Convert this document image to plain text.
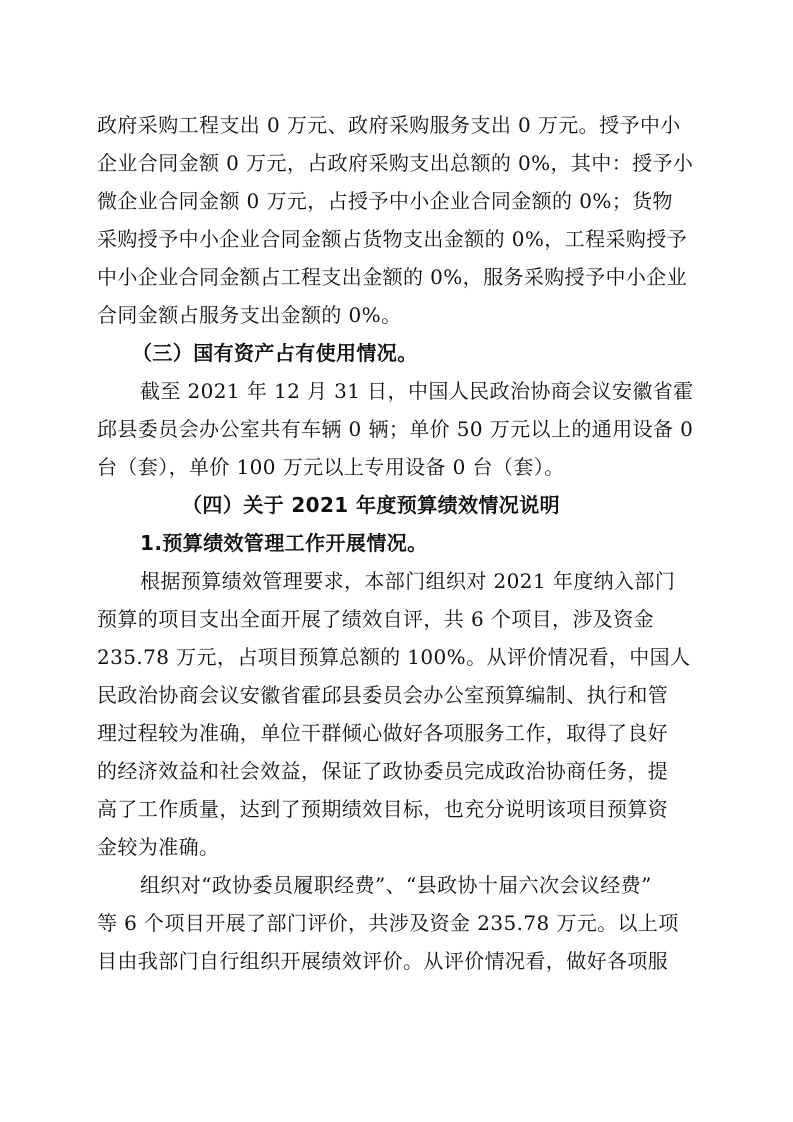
政府采购工程支出 0 万元、政府采购服务支出 0 万元。授予中小
企业合同金额 0 万元，占政府采购支出总额的 0%，其中：授予小
微企业合同金额 0 万元，占授予中小企业合同金额的 0%；货物
采购授予中小企业合同金额占货物支出金额的 0%，工程采购授予
中小企业合同金额占工程支出金额的 0%，服务采购授予中小企业
合同金额占服务支出金额的 0%。
（三）国有资产占有使用情况。
截至 2021 年 12 月 31 日，中国人民政治协商会议安徽省霍
邱县委员会办公室共有车辆 0 辆；单价 50 万元以上的通用设备 0
台（套），单价 100 万元以上专用设备 0 台（套）。
（四）关于 2021 年度预算绩效情况说明
1.预算绩效管理工作开展情况。
根据预算绩效管理要求，本部门组织对 2021 年度纳入部门
预算的项目支出全面开展了绩效自评，共 6 个项目，涉及资金
235.78 万元，占项目预算总额的 100%。从评价情况看，中国人
民政治协商会议安徽省霍邱县委员会办公室预算编制、执行和管
理过程较为准确，单位干群倾心做好各项服务工作，取得了良好
的经济效益和社会效益，保证了政协委员完成政治协商任务，提
高了工作质量，达到了预期绩效目标，也充分说明该项目预算资
金较为准确。
组织对“政协委员履职经费”、“县政协十届六次会议经费”
等 6 个项目开展了部门评价，共涉及资金 235.78 万元。以上项
目由我部门自行组织开展绩效评价。从评价情况看，做好各项服
